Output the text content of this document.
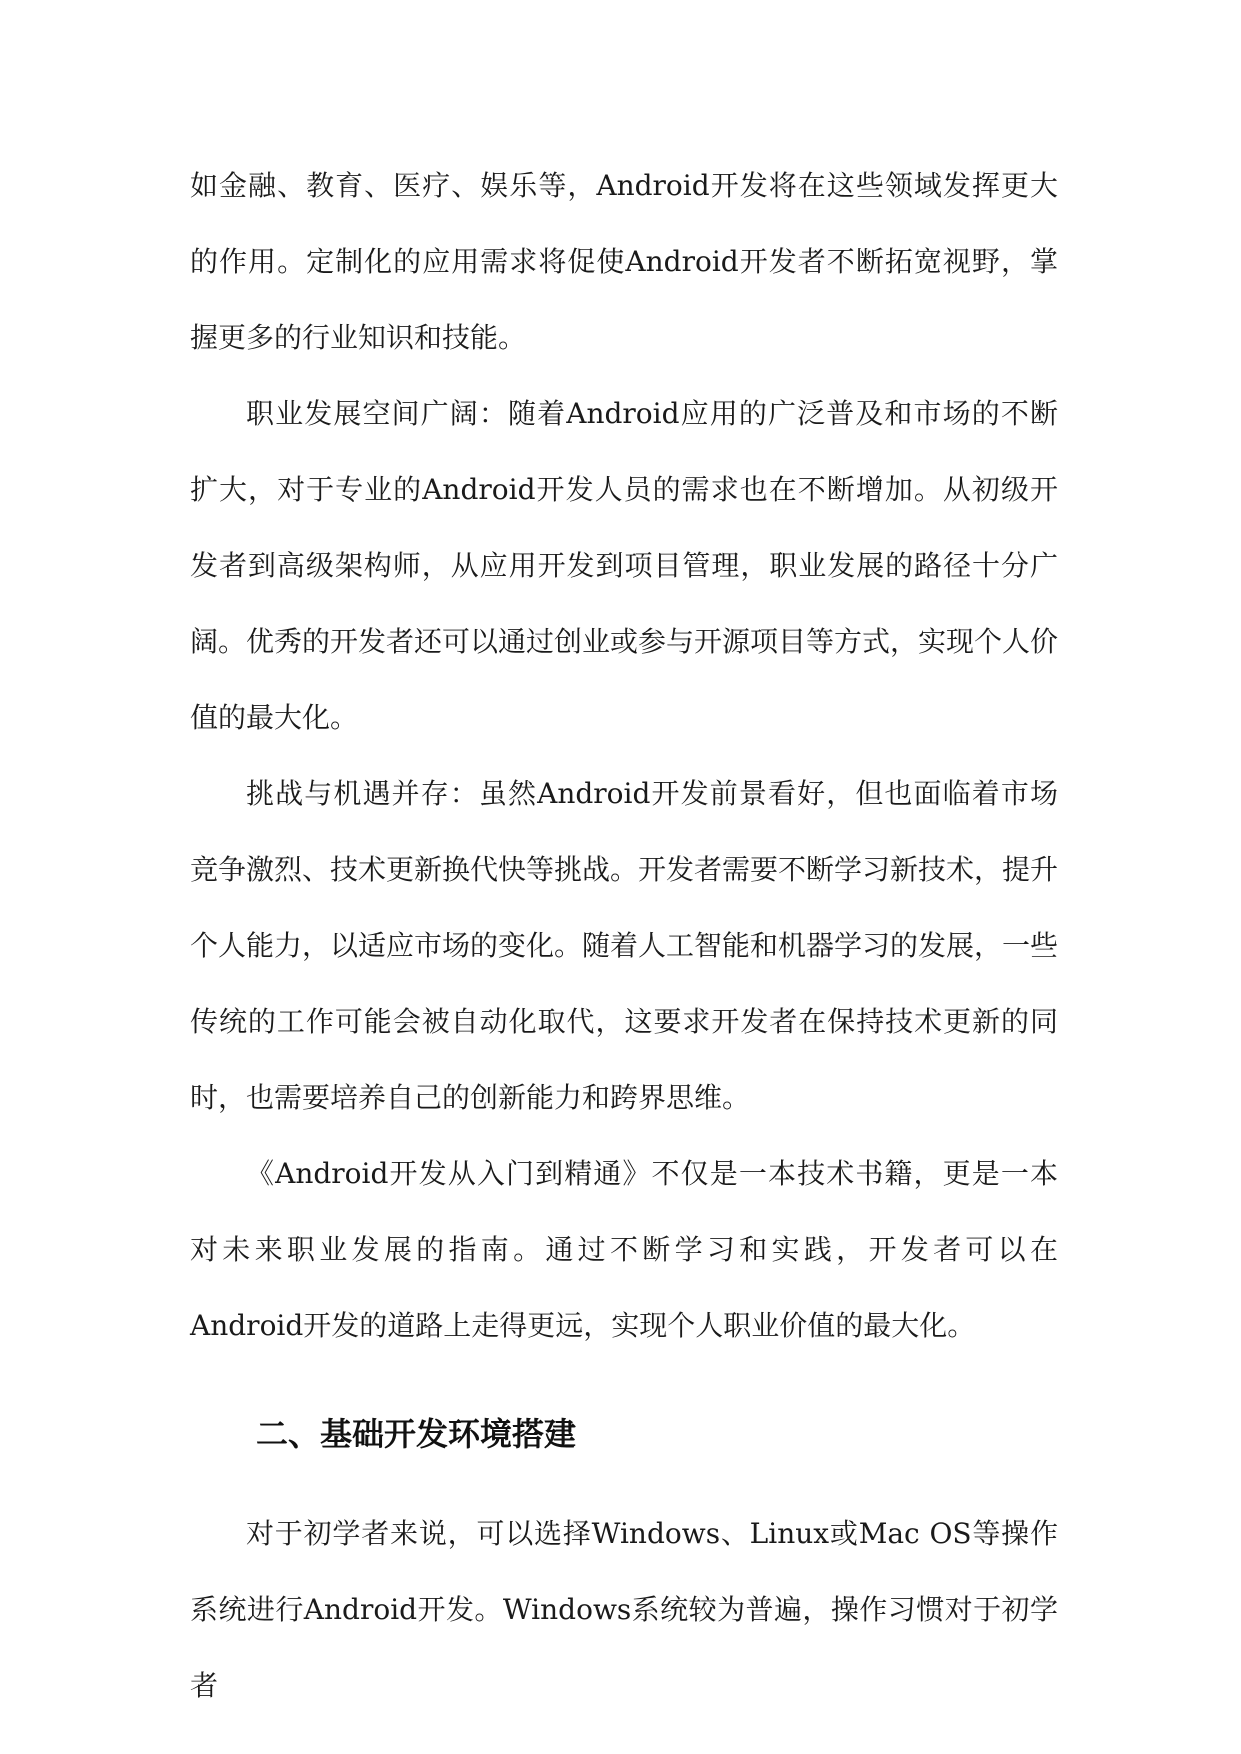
如金融、教育、医疗、娱乐等，Android开发将在这些领域发挥更大的作用。定制化的应用需求将促使Android开发者不断拓宽视野，掌握更多的行业知识和技能。

职业发展空间广阔：随着Android应用的广泛普及和市场的不断扩大，对于专业的Android开发人员的需求也在不断增加。从初级开发者到高级架构师，从应用开发到项目管理，职业发展的路径十分广阔。优秀的开发者还可以通过创业或参与开源项目等方式，实现个人价值的最大化。

挑战与机遇并存：虽然Android开发前景看好，但也面临着市场竞争激烈、技术更新换代快等挑战。开发者需要不断学习新技术，提升个人能力，以适应市场的变化。随着人工智能和机器学习的发展，一些传统的工作可能会被自动化取代，这要求开发者在保持技术更新的同时，也需要培养自己的创新能力和跨界思维。

《Android开发从入门到精通》不仅是一本技术书籍，更是一本对未来职业发展的指南。通过不断学习和实践，开发者可以在Android开发的道路上走得更远，实现个人职业价值的最大化。

二、基础开发环境搭建

对于初学者来说，可以选择Windows、Linux或Mac OS等操作系统进行Android开发。Windows系统较为普遍，操作习惯对于初学者
